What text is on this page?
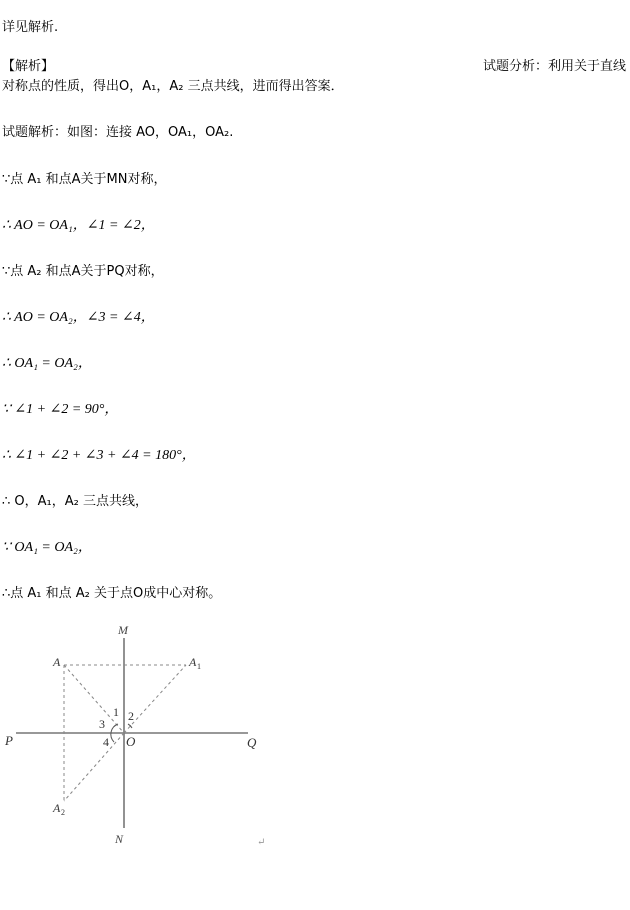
详见解析.
【解析】	试题分析：利用关于直线
对称点的性质，得出O，A₁，A₂ 三点共线，进而得出答案．
试题解析：如图：连接 AO，OA₁，OA₂.
∵点 A₁ 和点A关于MN对称，
∴ AO = OA₁，∠1 = ∠2，
∵点 A₂ 和点A关于PQ对称，
∴ AO = OA₂，∠3 = ∠4，
∴ OA₁ = OA₂，
∵ ∠1 + ∠2 = 90°，
∴ ∠1 + ∠2 + ∠3 + ∠4 = 180°，
∴ O，A₁，A₂ 三点共线，
∵ OA₁ = OA₂，
∴点 A₁ 和点 A₂ 关于点O成中心对称。
M
N
P	Q
O
A	A 1
A 2
1 2
3
4
↵
